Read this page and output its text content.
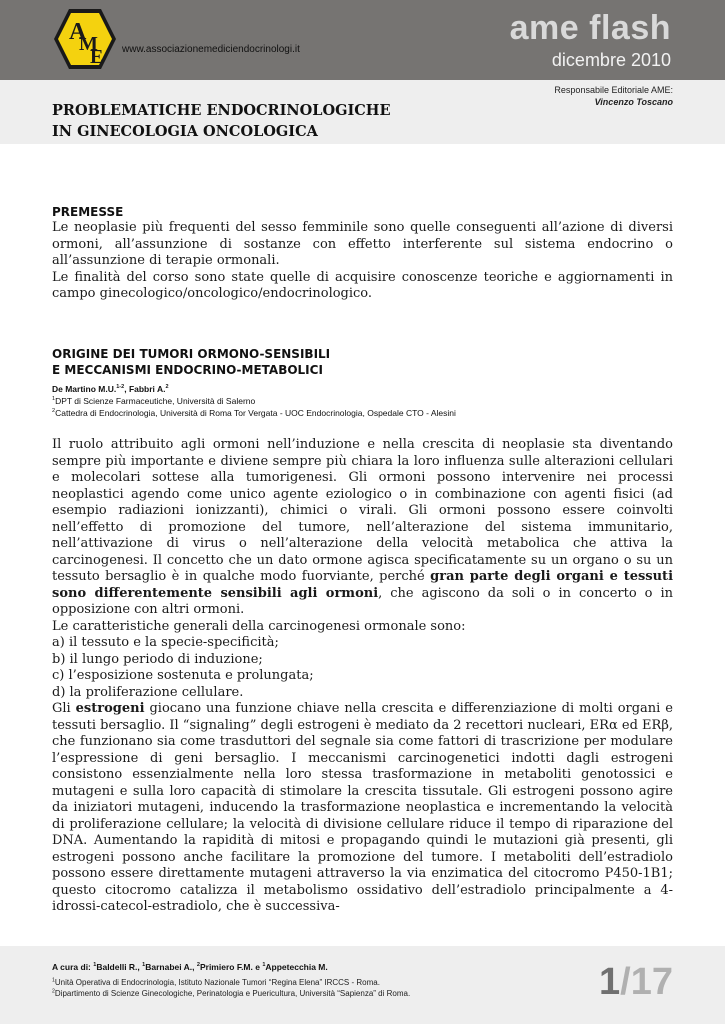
A
M
E www.associazionemediciendocrinologi.it
ame flash
dicembre 2010
PROBLEMATICHE ENDOCRINOLOGICHE
IN GINECOLOGIA ONCOLOGICA
Responsabile Editoriale AME:
Vincenzo Toscano
PREMESSE

Le neoplasie più frequenti del sesso femminile sono quelle conseguenti all’azione di diversi ormoni, all’assunzione di sostanze con effetto interferente sul sistema endocrino o all’assunzione di terapie ormonali.

Le finalità del corso sono state quelle di acquisire conoscenze teoriche e aggiornamenti in campo ginecologico/oncologico/endocrinologico.

ORIGINE DEI TUMORI ORMONO-SENSIBILI
E MECCANISMI ENDOCRINO-METABOLICI
De Martino M.U.$^{1-2}$, Fabbri A.$^2$
$^1$DPT di Scienze Farmaceutiche, Università di Salerno
$^2$Cattedra di Endocrinologia, Università di Roma Tor Vergata - UOC Endocrinologia, Ospedale CTO - Alesini

Il ruolo attribuito agli ormoni nell’induzione e nella crescita di neoplasie sta diventando sempre più importante e diviene sempre più chiara la loro influenza sulle alterazioni cellulari e molecolari sottese alla tumorigenesi. Gli ormoni possono intervenire nei processi neoplastici agendo come unico agente eziologico o in combinazione con agenti fisici (ad esempio radiazioni ionizzanti), chimici o virali. Gli ormoni possono essere coinvolti nell’effetto di promozione del tumore, nell’alterazione del sistema immunitario, nell’attivazione di virus o nell’alterazione della velocità metabolica che attiva la carcinogenesi. Il concetto che un dato ormone agisca specificatamente su un organo o su un tessuto bersaglio è in qualche modo fuorviante, perché gran parte degli organi e tessuti sono differentemente sensibili agli ormoni, che agiscono da soli o in concerto o in opposizione con altri ormoni.

Le caratteristiche generali della carcinogenesi ormonale sono:

a) il tessuto e la specie-specificità;

b) il lungo periodo di induzione;

c) l’esposizione sostenuta e prolungata;

d) la proliferazione cellulare.

Gli estrogeni giocano una funzione chiave nella crescita e differenziazione di molti organi e tessuti bersaglio. Il “signaling” degli estrogeni è mediato da 2 recettori nucleari, ERα ed ERβ, che funzionano sia come trasduttori del segnale sia come fattori di trascrizione per modulare l’espressione di geni bersaglio. I meccanismi carcinogenetici indotti dagli estrogeni consistono essenzialmente nella loro stessa trasformazione in metaboliti genotossici e mutageni e sulla loro capacità di stimolare la crescita tissutale. Gli estrogeni possono agire da iniziatori mutageni, inducendo la trasformazione neoplastica e incrementando la velocità di proliferazione cellulare; la velocità di divisione cellulare riduce il tempo di riparazione del DNA. Aumentando la rapidità di mitosi e propagando quindi le mutazioni già presenti, gli estrogeni possono anche facilitare la promozione del tumore. I metaboliti dell’estradiolo possono essere direttamente mutageni attraverso la via enzimatica del citocromo P450-1B1; questo citocromo catalizza il metabolismo ossidativo dell’estradiolo principalmente a 4-idrossi-catecol-estradiolo, che è successiva-

A cura di: $^1$Baldelli R., $^1$Barnabei A., $^2$Primiero F.M. e $^1$Appetecchia M.
$^1$Unità Operativa di Endocrinologia, Istituto Nazionale Tumori “Regina Elena” IRCCS - Roma.
$^2$Dipartimento di Scienze Ginecologiche, Perinatologia e Puericultura, Università “Sapienza” di Roma.	1/17
